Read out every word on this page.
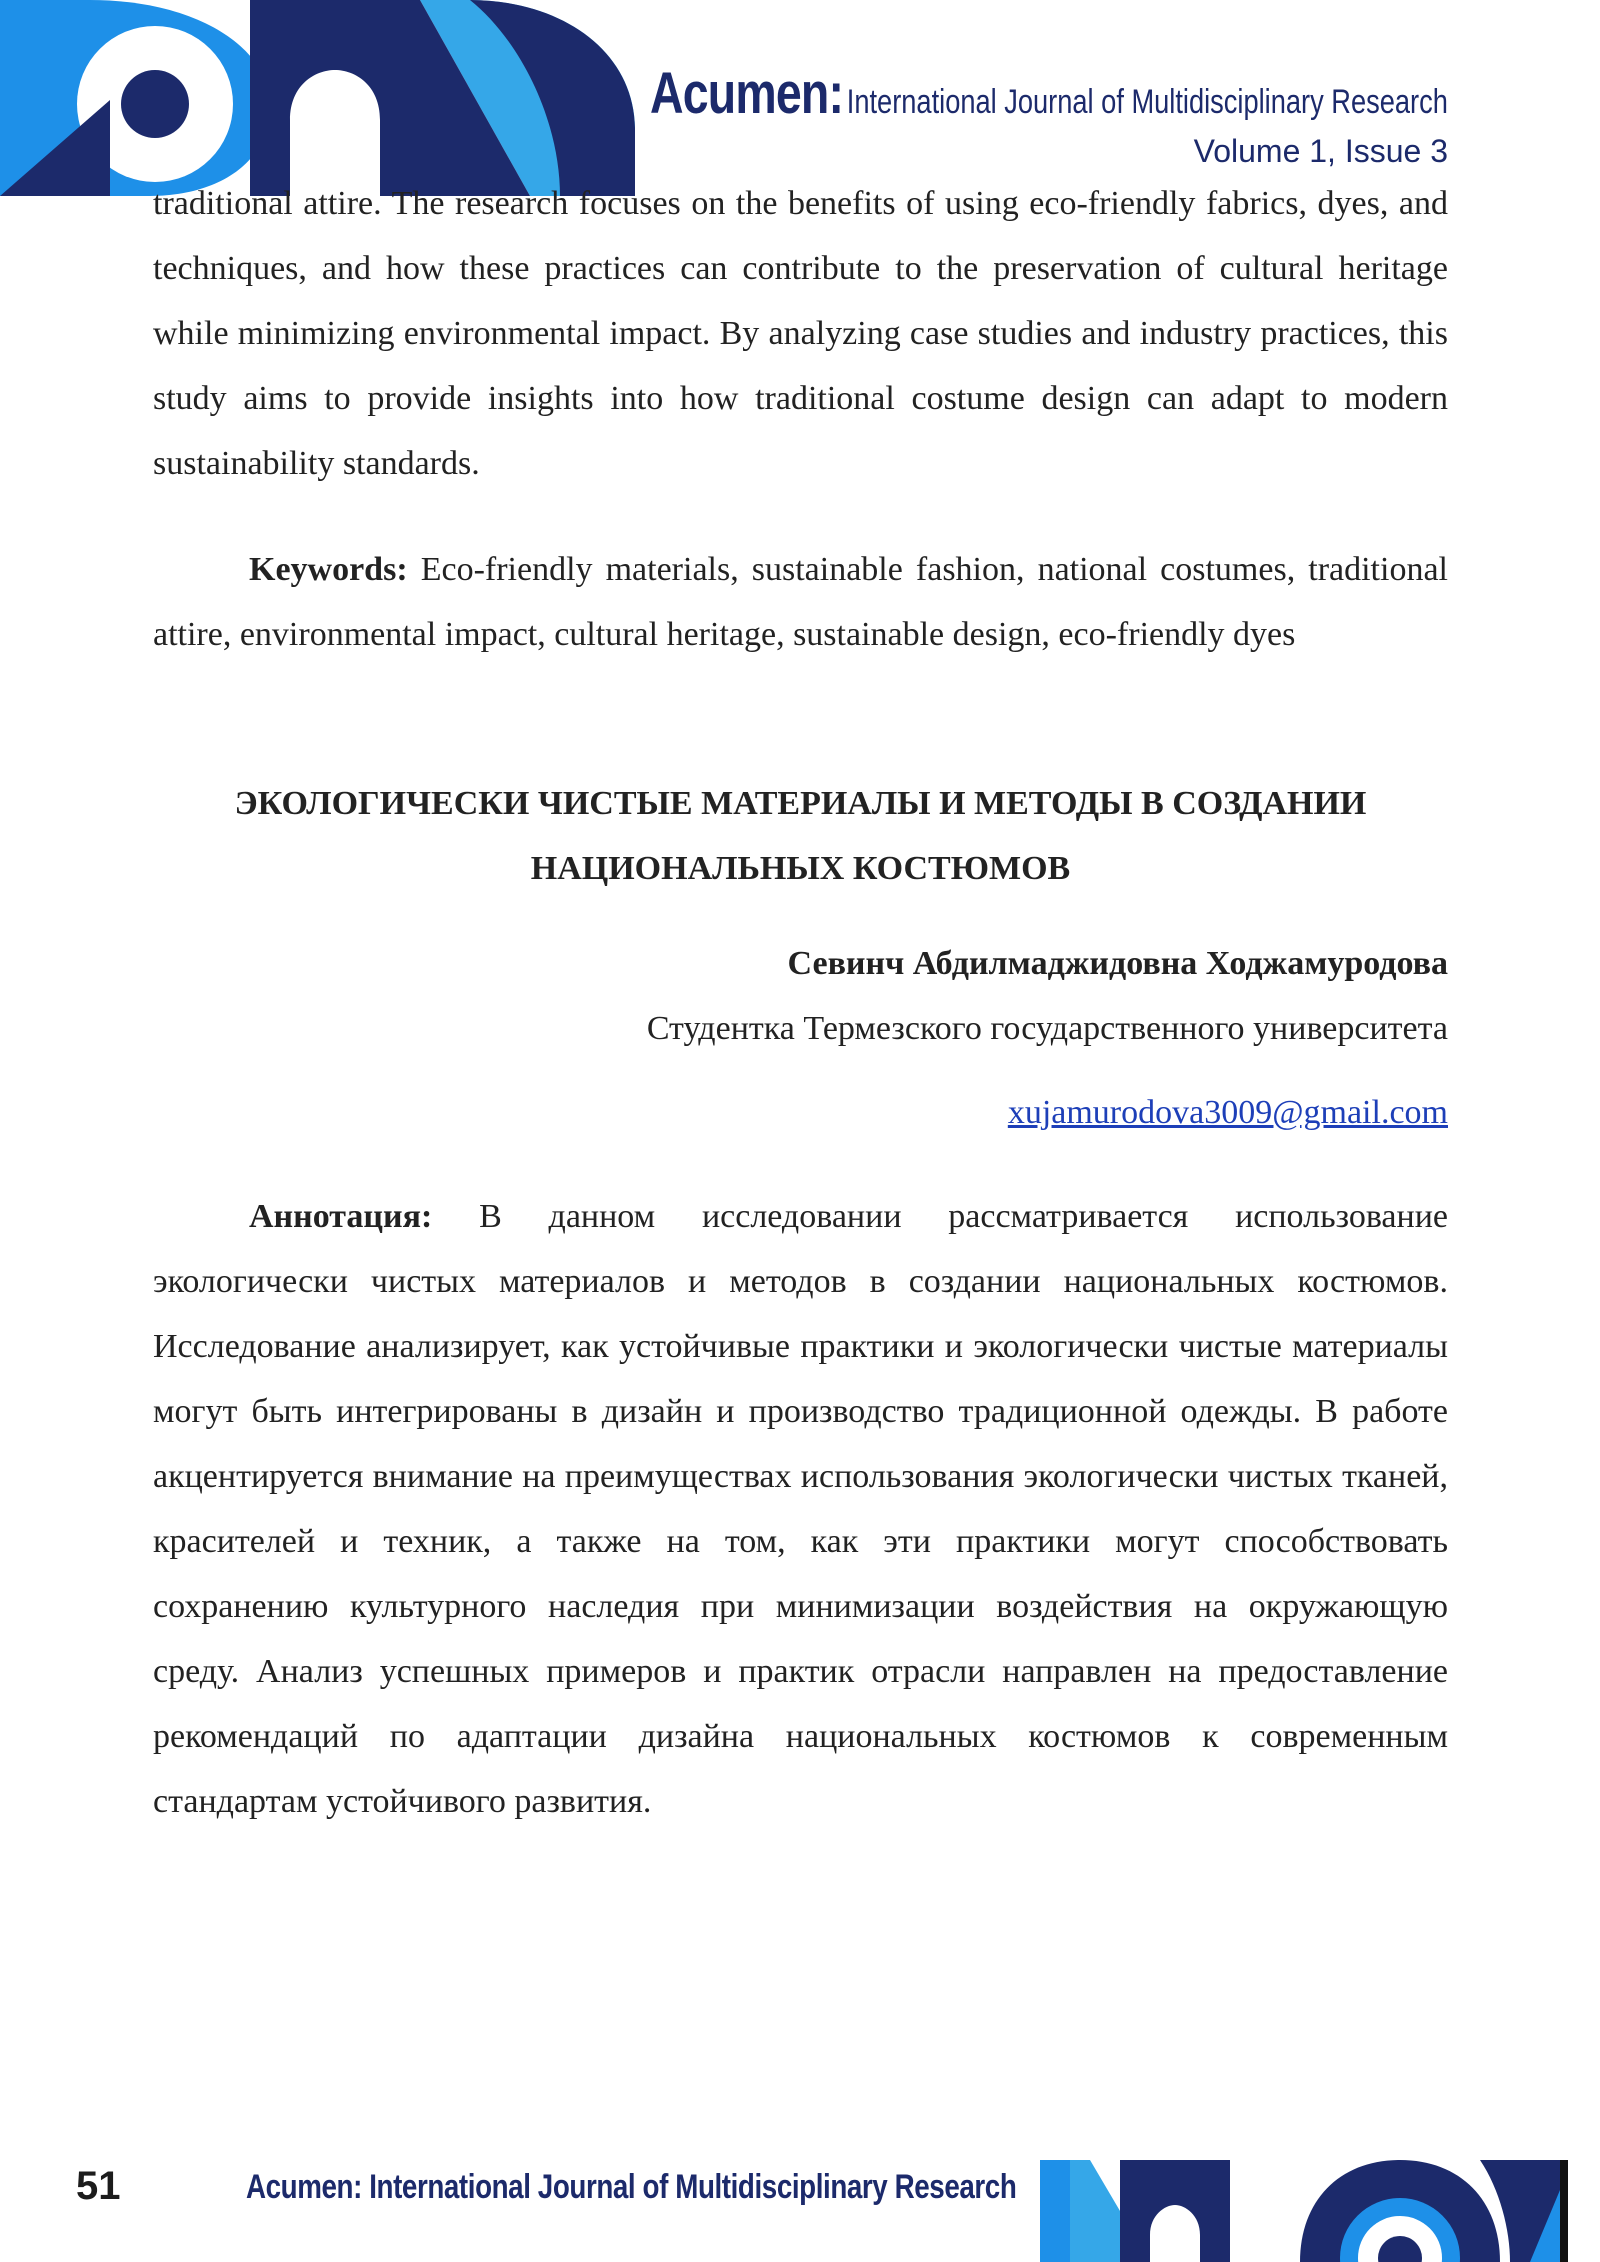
Acumen: International Journal of Multidisciplinary Research
Volume 1, Issue 3

traditional attire. The research focuses on the benefits of using eco-friendly fabrics, dyes, and techniques, and how these practices can contribute to the preservation of cultural heritage while minimizing environmental impact. By analyzing case studies and industry practices, this study aims to provide insights into how traditional costume design can adapt to modern sustainability standards.

Keywords: Eco-friendly materials, sustainable fashion, national costumes, traditional attire, environmental impact, cultural heritage, sustainable design, eco-friendly dyes

ЭКОЛОГИЧЕСКИ ЧИСТЫЕ МАТЕРИАЛЫ И МЕТОДЫ В СОЗДАНИИ

НАЦИОНАЛЬНЫХ КОСТЮМОВ

Севинч Абдилмаджидовна Ходжамуродова

Студентка Термезского государственного университета

xujamurodova3009@gmail.com

Аннотация: В данном исследовании рассматривается использование экологически чистых материалов и методов в создании национальных костюмов. Исследование анализирует, как устойчивые практики и экологически чистые материалы могут быть интегрированы в дизайн и производство традиционной одежды. В работе акцентируется внимание на преимуществах использования экологически чистых тканей, красителей и техник, а также на том, как эти практики могут способствовать сохранению культурного наследия при минимизации воздействия на окружающую среду. Анализ успешных примеров и практик отрасли направлен на предоставление рекомендаций по адаптации дизайна национальных костюмов к современным стандартам устойчивого развития.

51	Acumen: International Journal of Multidisciplinary Research
